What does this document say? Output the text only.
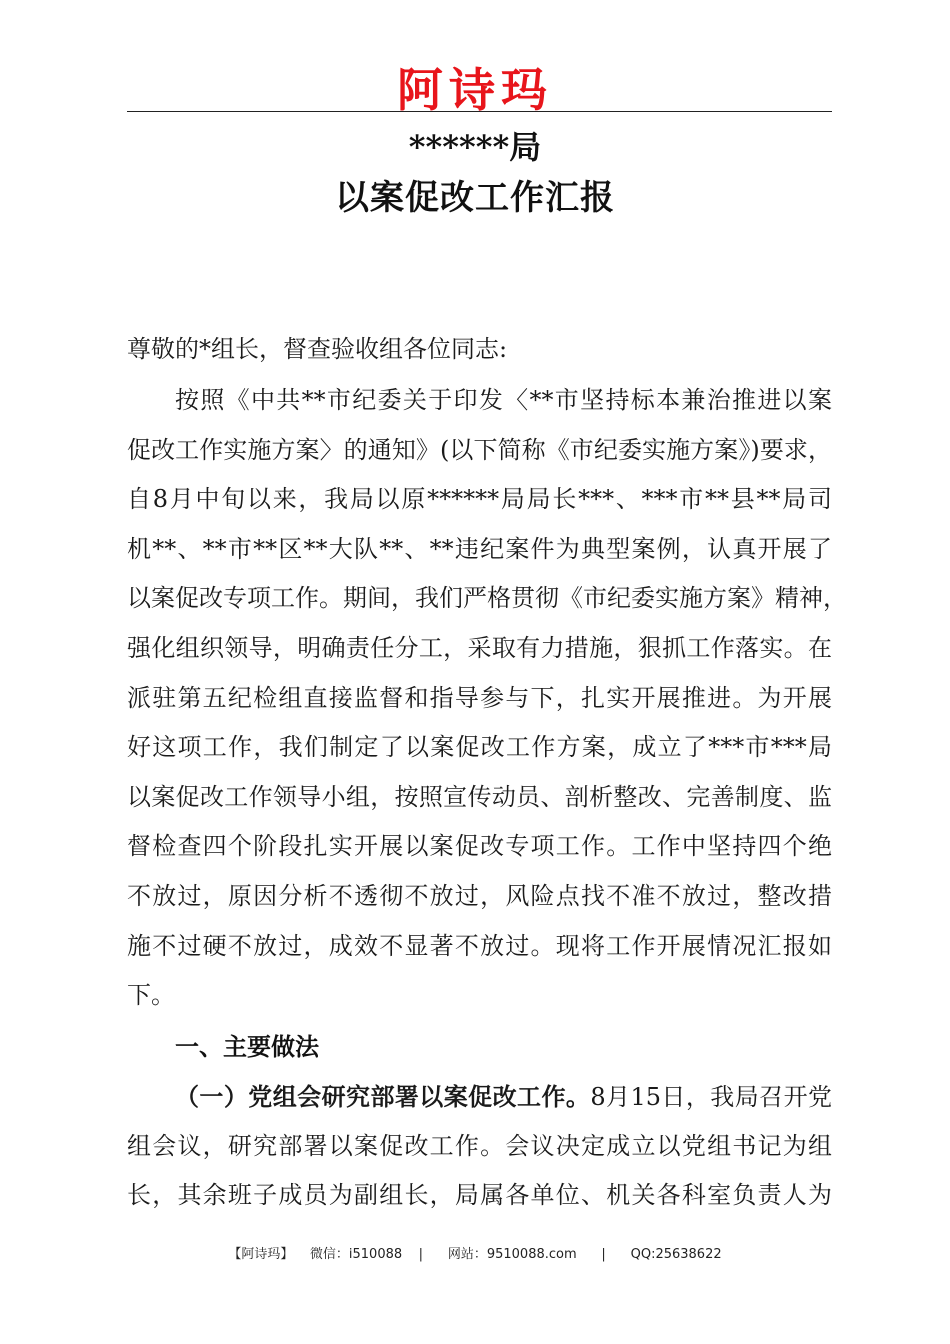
阿诗玛
******局
以案促改工作汇报
尊敬的*组长，督查验收组各位同志:
按照《中共**市纪委关于印发〈**市坚持标本兼治推进以案
促改工作实施方案〉的通知》(以下简称《市纪委实施方案》)要求，
自8月中旬以来，我局以原******局局长***、***市**县**局司
机**、**市**区**大队**、**违纪案件为典型案例，认真开展了
以案促改专项工作。期间，我们严格贯彻《市纪委实施方案》精神，
强化组织领导，明确责任分工，采取有力措施，狠抓工作落实。在
派驻第五纪检组直接监督和指导参与下，扎实开展推进。为开展
好这项工作，我们制定了以案促改工作方案，成立了***市***局
以案促改工作领导小组，按照宣传动员、剖析整改、完善制度、监
督检查四个阶段扎实开展以案促改专项工作。工作中坚持四个绝
不放过，原因分析不透彻不放过，风险点找不准不放过，整改措
施不过硬不放过，成效不显著不放过。现将工作开展情况汇报如
下。
一、主要做法
（一）党组会研究部署以案促改工作。8月15日，我局召开党
组会议，研究部署以案促改工作。会议决定成立以党组书记为组
长，其余班子成员为副组长，局属各单位、机关各科室负责人为
【阿诗玛】    微信：i510088    |      网站：9510088.com      |      QQ:25638622
